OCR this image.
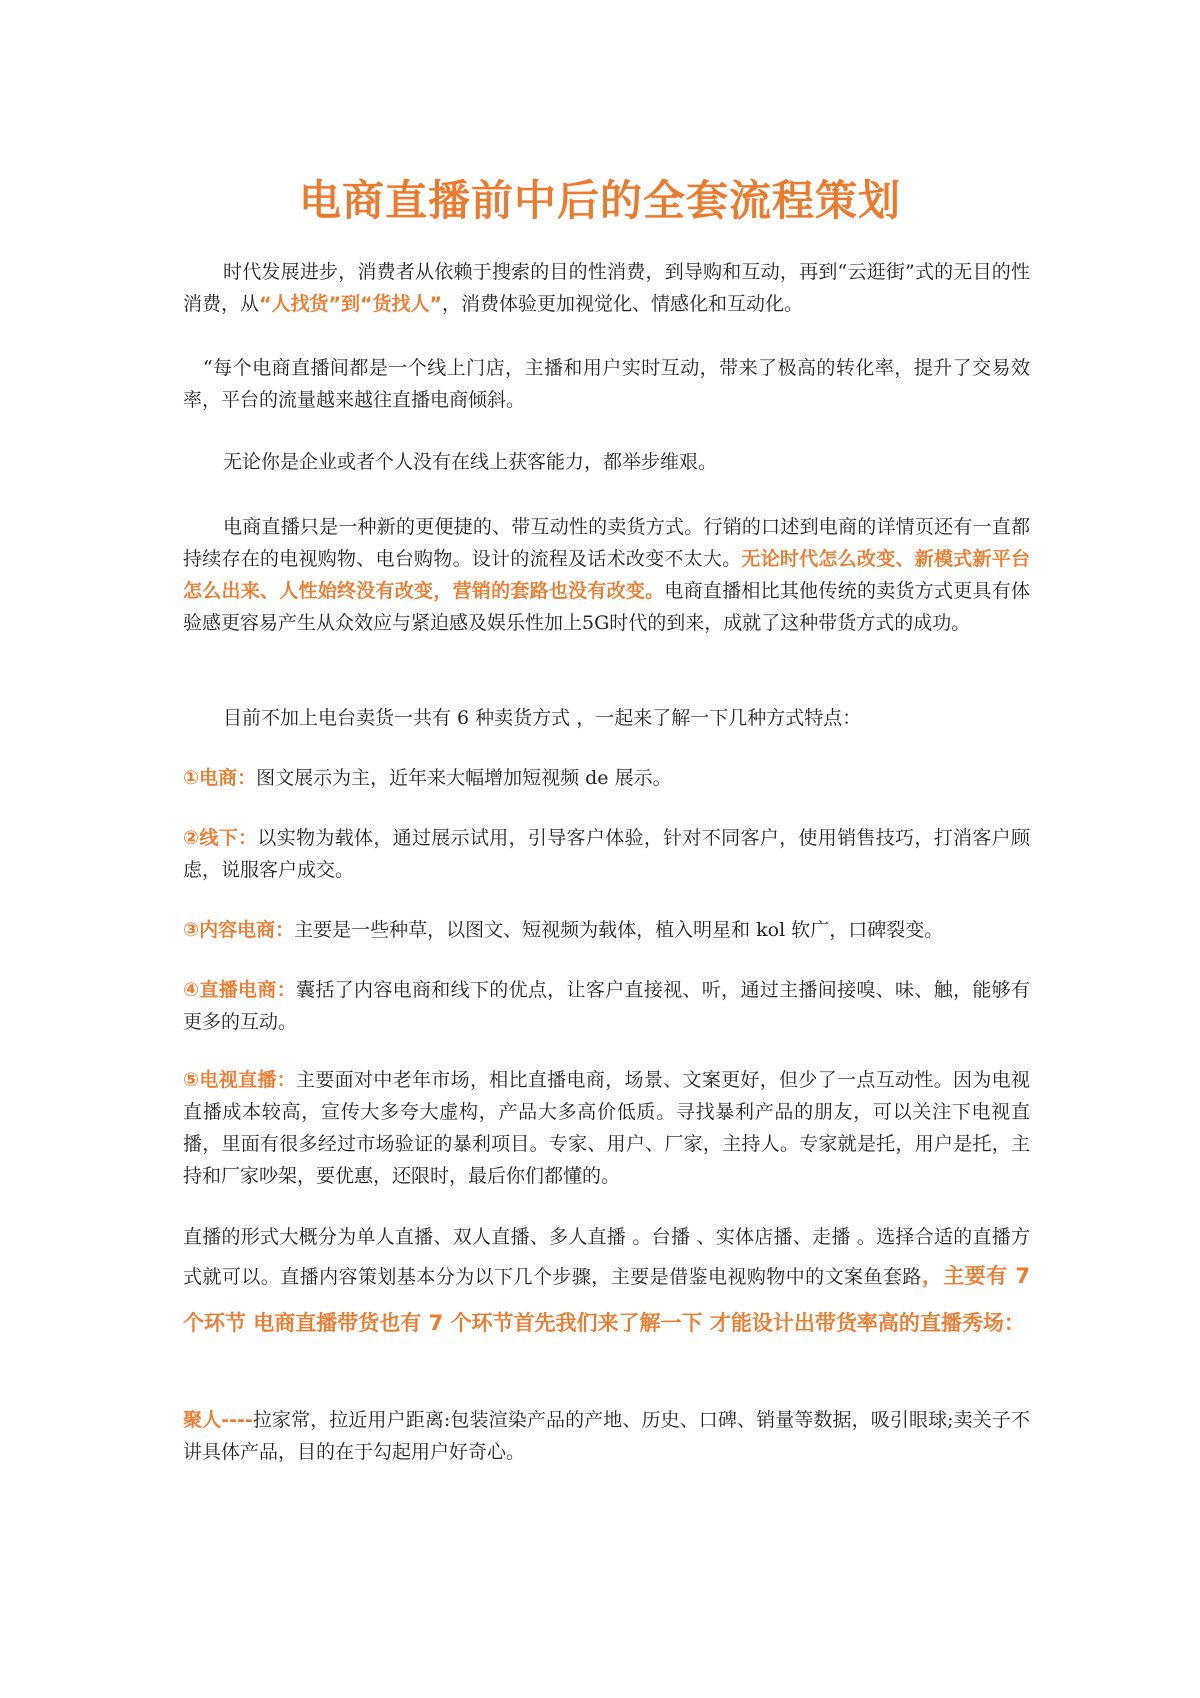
电商直播前中后的全套流程策划

时代发展进步，消费者从依赖于搜索的目的性消费，到导购和互动，再到“云逛街”式的无目的性消费，从“人找货”到“货找人”，消费体验更加视觉化、情感化和互动化。

“每个电商直播间都是一个线上门店，主播和用户实时互动，带来了极高的转化率，提升了交易效率，平台的流量越来越往直播电商倾斜。

无论你是企业或者个人没有在线上获客能力，都举步维艰。

电商直播只是一种新的更便捷的、带互动性的卖货方式。行销的口述到电商的详情页还有一直都持续存在的电视购物、电台购物。设计的流程及话术改变不太大。无论时代怎么改变、新模式新平台怎么出来、人性始终没有改变，营销的套路也没有改变。电商直播相比其他传统的卖货方式更具有体验感更容易产生从众效应与紧迫感及娱乐性加上5G时代的到来，成就了这种带货方式的成功。

目前不加上电台卖货一共有 6 种卖货方式 ，一起来了解一下几种方式特点：

①电商：图文展示为主，近年来大幅增加短视频 de 展示。

②线下：以实物为载体，通过展示试用，引导客户体验，针对不同客户，使用销售技巧，打消客户顾虑，说服客户成交。

③内容电商：主要是一些种草，以图文、短视频为载体，植入明星和 kol 软广，口碑裂变。

④直播电商：囊括了内容电商和线下的优点，让客户直接视、听，通过主播间接嗅、味、触，能够有更多的互动。

⑤电视直播：主要面对中老年市场，相比直播电商，场景、文案更好，但少了一点互动性。因为电视直播成本较高，宣传大多夸大虚构，产品大多高价低质。寻找暴利产品的朋友，可以关注下电视直播，里面有很多经过市场验证的暴利项目。专家、用户、厂家，主持人。专家就是托，用户是托，主持和厂家吵架，要优惠，还限时，最后你们都懂的。

直播的形式大概分为单人直播、双人直播、多人直播 。台播 、实体店播、走播 。选择合适的直播方式就可以。直播内容策划基本分为以下几个步骤，主要是借鉴电视购物中的文案鱼套路，主要有 7 个环节 电商直播带货也有 7 个环节首先我们来了解一下 才能设计出带货率高的直播秀场：

聚人----拉家常，拉近用户距离:包装渲染产品的产地、历史、口碑、销量等数据，吸引眼球;卖关子不讲具体产品，目的在于勾起用户好奇心。
